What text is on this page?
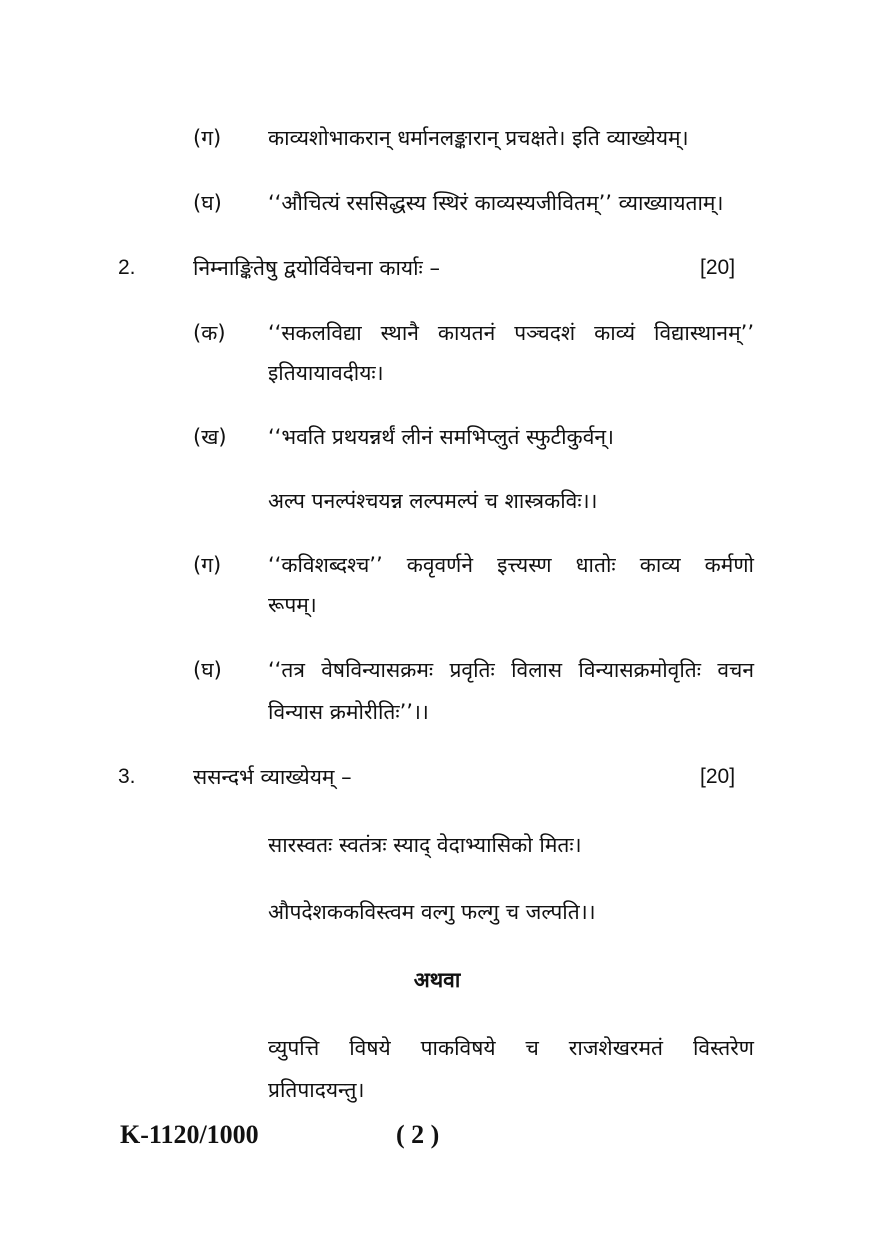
(ग) काव्यशोभाकरान् धर्मानलङ्कारान् प्रचक्षते। इति व्याख्येयम्।
(घ) ‘‘औचित्यं रससिद्धस्य स्थिरं काव्यस्यजीवितम्’’ व्याख्यायताम्।
2.	निम्नाङ्कितेषु द्वयोर्विवेचना कार्याः –	[20]
(क) ‘‘सकलविद्या स्थानै कायतनं पञ्चदशं काव्यं विद्यास्थानम्’’
इतियायावदीयः।
(ख) ‘‘भवति प्रथयन्नर्थं लीनं समभिप्लुतं स्फुटीकुर्वन्।
अल्प पनल्पंश्चयन्न लल्पमल्पं च शास्त्रकविः।।
(ग) ‘‘कविशब्दश्च’’ कवृवर्णने इत्त्यस्ण धातोः काव्य कर्मणो
रूपम्।
(घ) ‘‘तत्र वेषविन्यासक्रमः प्रवृतिः विलास विन्यासक्रमोवृतिः वचन
विन्यास क्रमोरीतिः’’।।
3.	ससन्दर्भ व्याख्येयम् –	[20]
सारस्वतः स्वतंत्रः स्याद् वेदाभ्यासिको मितः।
औपदेशककविस्त्वम वल्गु फल्गु च जल्पति।।
अथवा
व्युपत्ति विषये पाकविषये च राजशेखरमतं विस्तरेण
प्रतिपादयन्तु।
K-1120/1000	( 2 )
